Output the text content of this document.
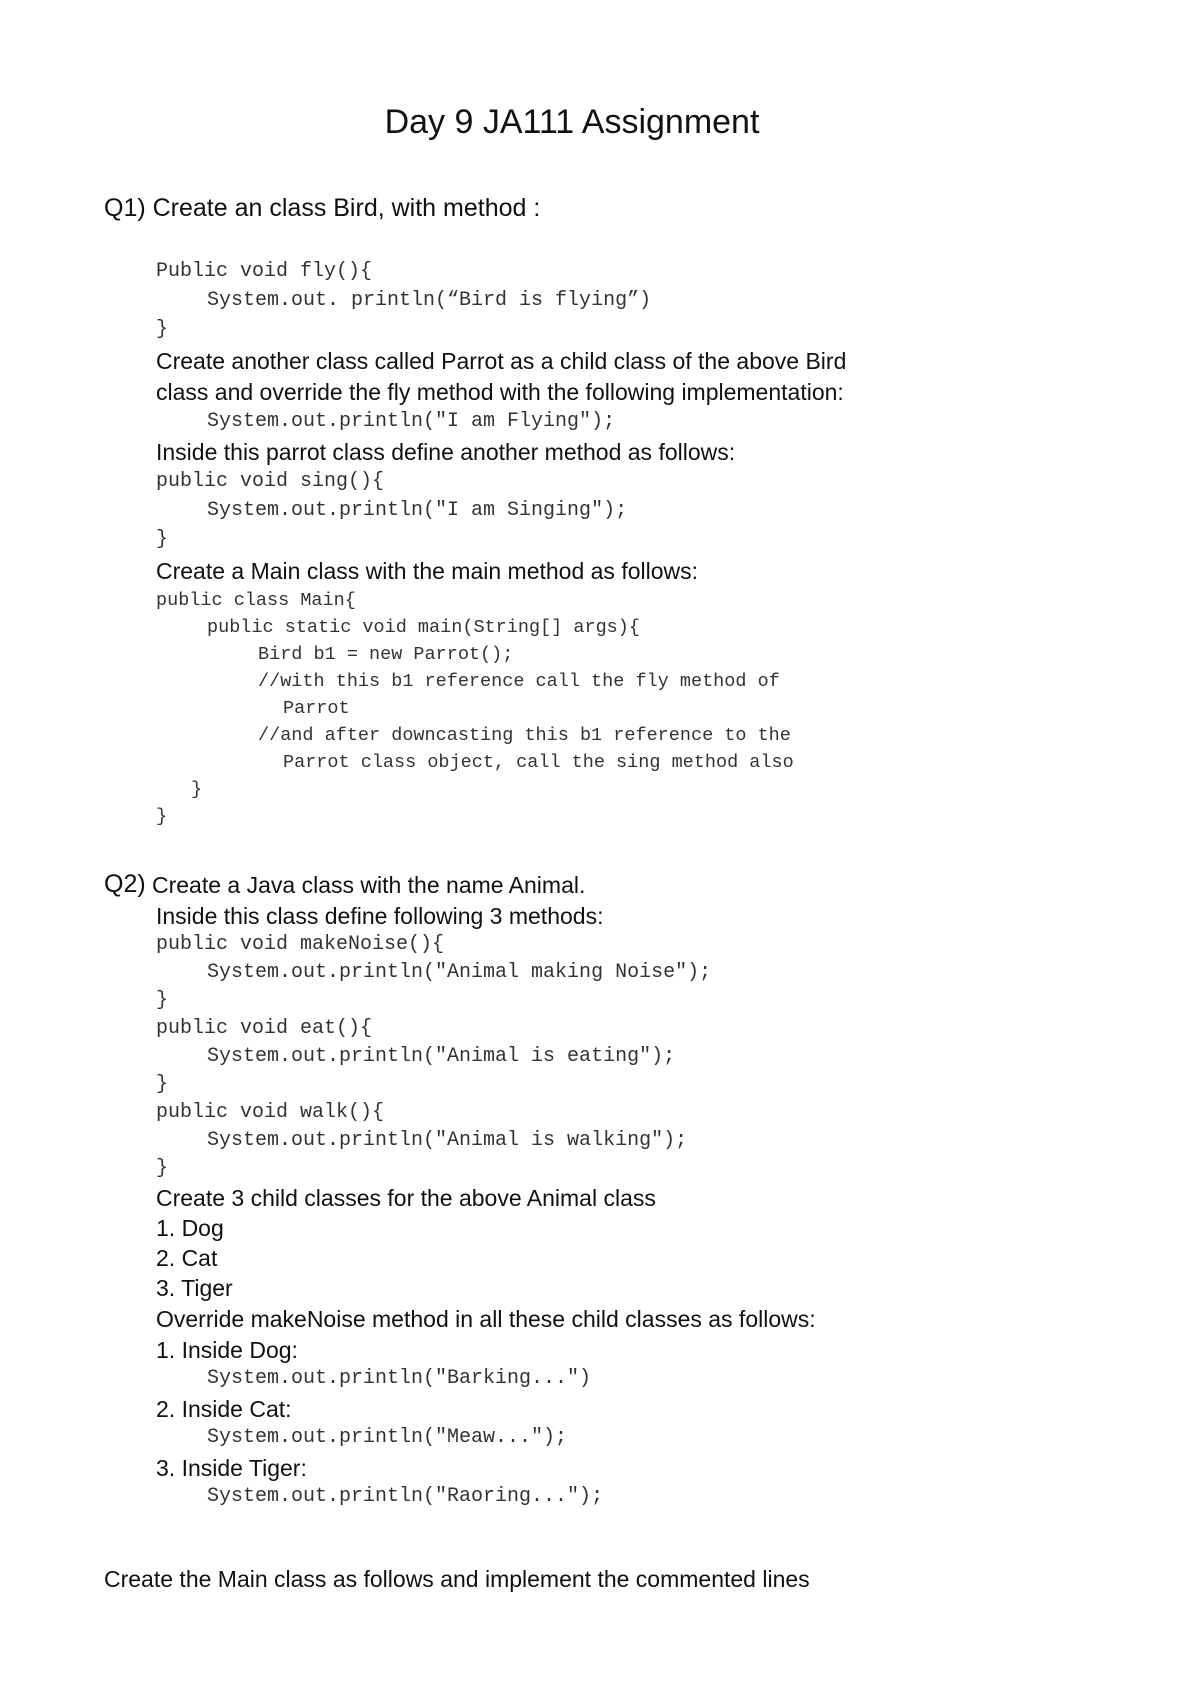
Day 9 JA111 Assignment
Q1) Create an class Bird, with method :
Public void fly(){
System.out. println(“Bird is flying”)
}
Create another class called Parrot as a child class of the above Bird
class and override the fly method with the following implementation:
System.out.println("I am Flying");
Inside this parrot class define another method as follows:
public void sing(){
System.out.println("I am Singing");
}
Create a Main class with the main method as follows:
public class Main{
public static void main(String[] args){
Bird b1 = new Parrot();
//with this b1 reference call the fly method of
Parrot
//and after downcasting this b1 reference to the
Parrot class object, call the sing method also
}
}
Q2) Create a Java class with the name Animal.
Inside this class define following 3 methods:
public void makeNoise(){
System.out.println("Animal making Noise");
}
public void eat(){
System.out.println("Animal is eating");
}
public void walk(){
System.out.println("Animal is walking");
}
Create 3 child classes for the above Animal class
1. Dog
2. Cat
3. Tiger
Override makeNoise method in all these child classes as follows:
1. Inside Dog:
System.out.println("Barking...")
2. Inside Cat:
System.out.println("Meaw...");
3. Inside Tiger:
System.out.println("Raoring...");
Create the Main class as follows and implement the commented lines
